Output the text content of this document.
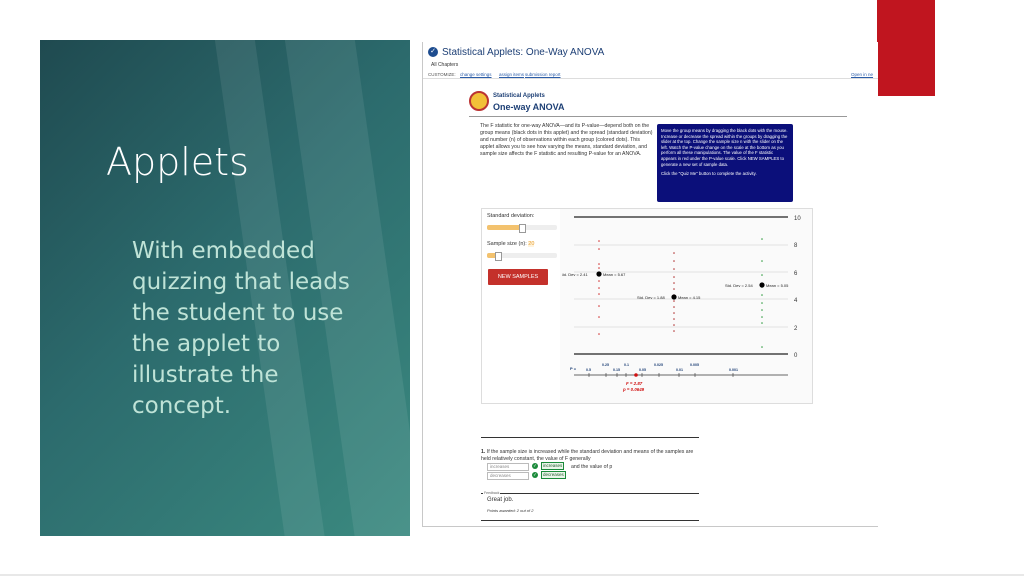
Applets
With embedded quizzing that leads the student to use the applet to illustrate the concept.
✓ Statistical Applets: One-Way ANOVA
All Chapters
CUSTOMIZE: change settings assign items submission report	Open in ne
Statistical Applets
One-way ANOVA
The F statistic for one-way ANOVA—and its P-value—depend both on the group means (black dots in this applet) and the spread (standard deviation) and number (n) of observations within each group (colored dots). This applet allows you to see how varying the means, standard deviation, and sample size affects the F statistic and resulting P-value for an ANOVA.
Move the group means by dragging the black dots with the mouse. Increase or decrease the spread within the groups by dragging the slider at the top. Change the sample size n with the slider on the left. Watch the P-value change on the scale at the bottom as you perform all these manipulations. The value of the F statistic appears in red under the P-value scale. Click NEW SAMPLES to generate a new set of sample data.
Click the "Quiz Me" button to complete the activity.
Standard deviation:
Sample size (n): 20
NEW SAMPLES
10
8
6
4
2
0
Std. Dev = 2.41	Mean = 5.67
Std. Dev = 1.88	Mean = 4.15
Std. Dev = 2.54	Mean = 5.05
P =	0.5
0.25
0.15
0.1
0.05
0.025
0.01
0.005
0.001
F = 2.87
p = 0.0649
1. If the sample size is increased while the standard deviation and means of the samples are held relatively constant, the value of F generally
increases	✓	increases	and the value of p
decreases	✓	decreases
Feedback
Great job.
Points awarded: 2 out of 2
